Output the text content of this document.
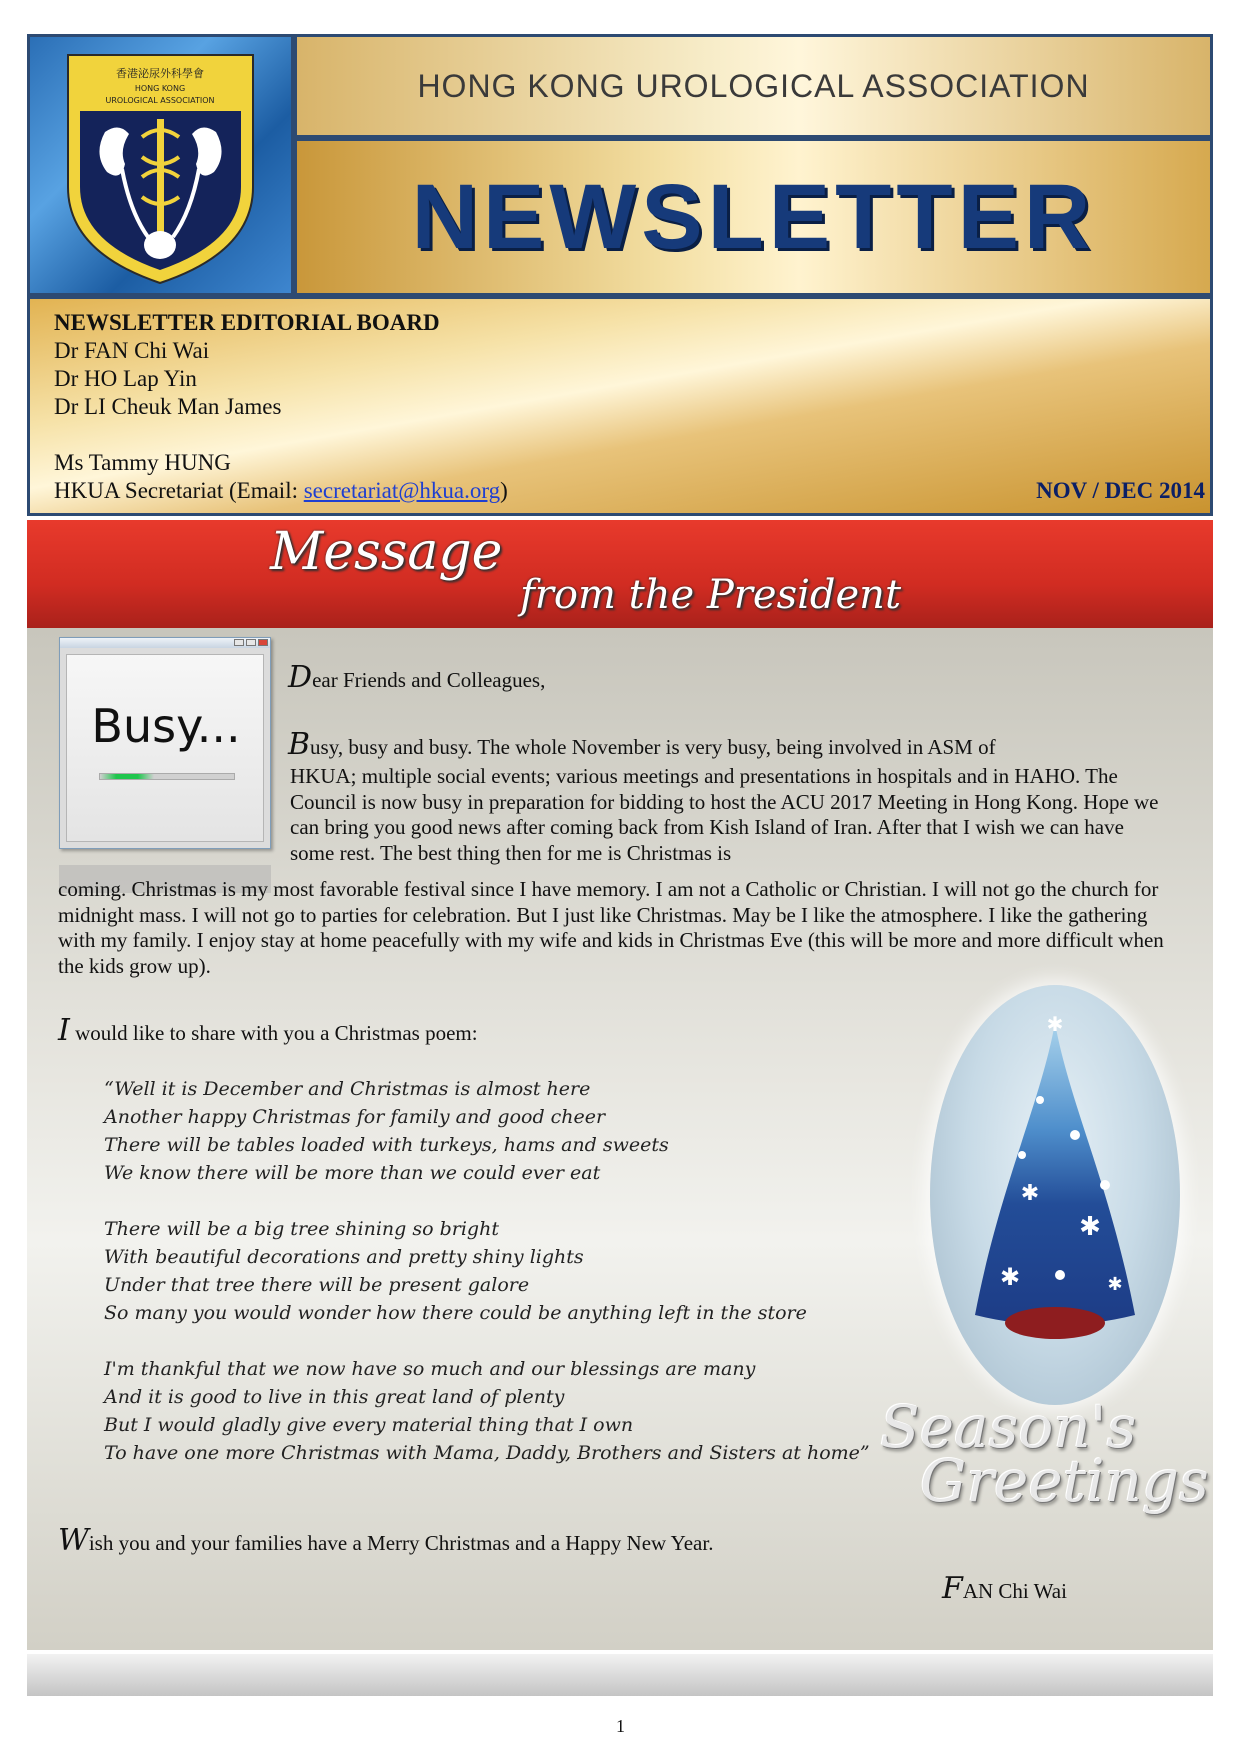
香港泌尿外科學會
HONG KONG
UROLOGICAL ASSOCIATION	HONG KONG UROLOGICAL ASSOCIATION
NEWSLETTER
NEWSLETTER EDITORIAL BOARD
Dr FAN Chi Wai
Dr HO Lap Yin
Dr LI Cheuk Man James
Ms Tammy HUNG
HKUA Secretariat (Email: secretariat@hkua.org)	NOV / DEC 2014
Message
from the President
✱
✱
✱
✱	✱
Season's
Greetings
Busy...
Dear Friends and Colleagues,
Busy, busy and busy. The whole November is very busy, being involved in ASM of
HKUA; multiple social events; various meetings and presentations in hospitals and in HAHO. The Council is now busy in preparation for bidding to host the ACU 2017 Meeting in Hong Kong. Hope we can bring you good news after coming back from Kish Island of Iran. After that I wish we can have some rest. The best thing then for me is Christmas is
coming. Christmas is my most favorable festival since I have memory. I am not a Catholic or Christian. I will not go the church for midnight mass. I will not go to parties for celebration. But I just like Christmas. May be I like the atmosphere. I like the gathering with my family. I enjoy stay at home peacefully with my wife and kids in Christmas Eve (this will be more and more difficult when the kids grow up).
I would like to share with you a Christmas poem:
“Well it is December and Christmas is almost here
Another happy Christmas for family and good cheer
There will be tables loaded with turkeys, hams and sweets
We know there will be more than we could ever eat
There will be a big tree shining so bright
With beautiful decorations and pretty shiny lights
Under that tree there will be present galore
So many you would wonder how there could be anything left in the store
I'm thankful that we now have so much and our blessings are many
And it is good to live in this great land of plenty
But I would gladly give every material thing that I own
To have one more Christmas with Mama, Daddy, Brothers and Sisters at home”
Wish you and your families have a Merry Christmas and a Happy New Year.
FAN Chi Wai
1
